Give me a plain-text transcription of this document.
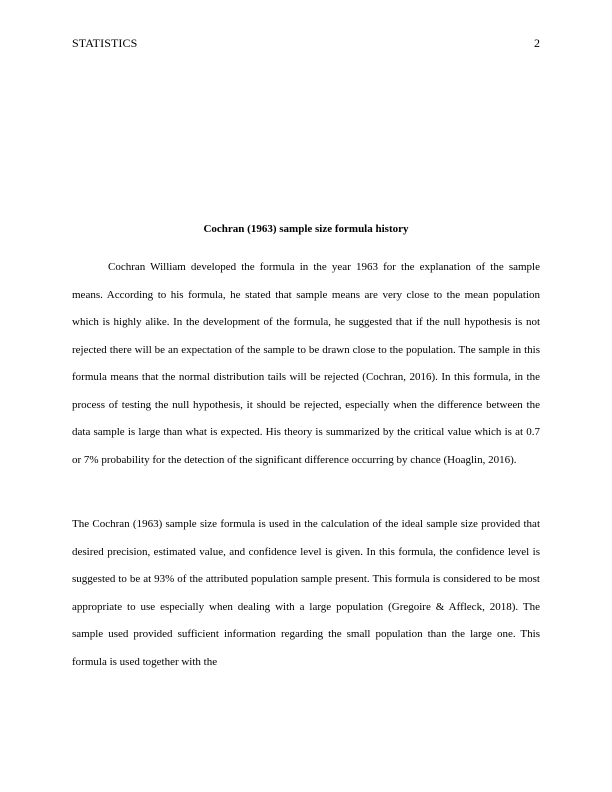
STATISTICS	2
Cochran (1963) sample size formula history

Cochran William developed the formula in the year 1963 for the explanation of the sample means. According to his formula, he stated that sample means are very close to the mean population which is highly alike. In the development of the formula, he suggested that if the null hypothesis is not rejected there will be an expectation of the sample to be drawn close to the population. The sample in this formula means that the normal distribution tails will be rejected (Cochran, 2016). In this formula, in the process of testing the null hypothesis, it should be rejected, especially when the difference between the data sample is large than what is expected. His theory is summarized by the critical value which is at 0.7 or 7% probability for the detection of the significant difference occurring by chance (Hoaglin, 2016).

The Cochran (1963) sample size formula is used in the calculation of the ideal sample size provided that desired precision, estimated value, and confidence level is given. In this formula, the confidence level is suggested to be at 93% of the attributed population sample present. This formula is considered to be most appropriate to use especially when dealing with a large population (Gregoire & Affleck, 2018). The sample used provided sufficient information regarding the small population than the large one. This formula is used together with the
